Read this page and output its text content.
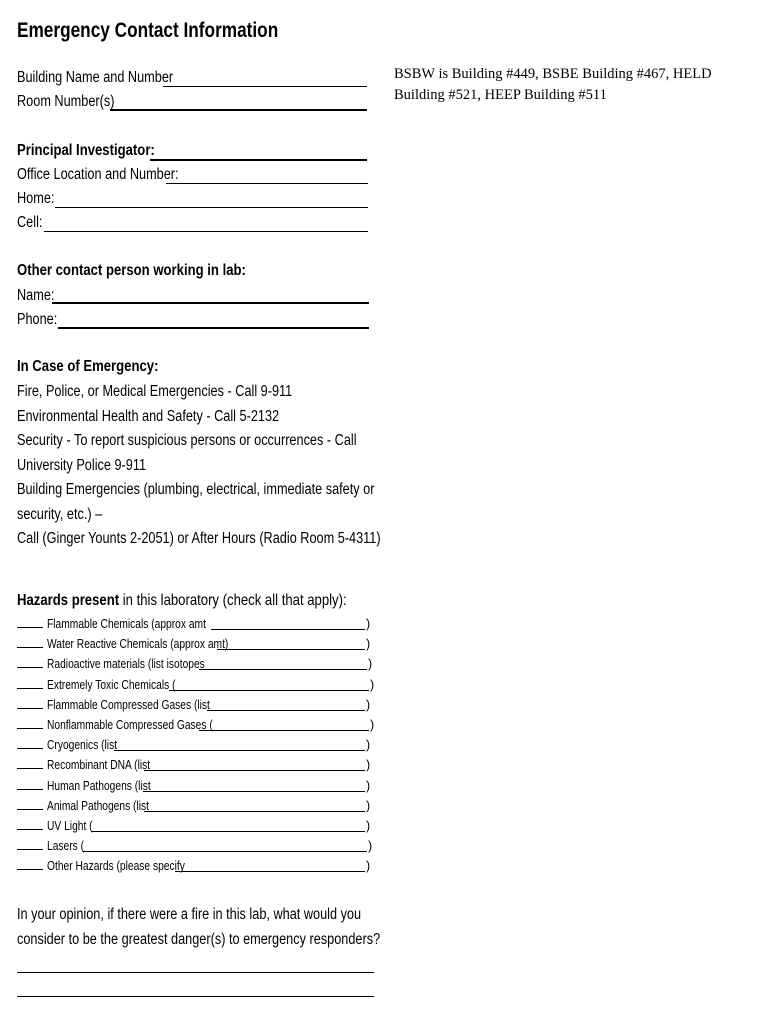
Emergency Contact Information
Building Name and Number
Room Number(s)
BSBW is Building #449, BSBE Building #467, HELD Building #521, HEEP Building #511
Principal Investigator:
Office Location and Number:
Home:
Cell:
Other contact person working in lab:
Name:
Phone:
In Case of Emergency:
Fire, Police, or Medical Emergencies - Call 9-911
Environmental Health and Safety - Call 5-2132
Security - To report suspicious persons or occurrences - Call
University Police 9-911
Building Emergencies (plumbing, electrical, immediate safety or
security, etc.) –
Call (Ginger Younts 2-2051) or After Hours (Radio Room 5-4311)
Hazards present in this laboratory (check all that apply):
Flammable Chemicals (approx amt	)
Water Reactive Chemicals (approx amt)	)
Radioactive materials (list isotopes	)
Extremely Toxic Chemicals (	)
Flammable Compressed Gases (list	)
Nonflammable Compressed Gases (	)
Cryogenics (list	)
Recombinant DNA (list	)
Human Pathogens (list	)
Animal Pathogens (list	)
UV Light (	)
Lasers (	)
Other Hazards (please specify	)
In your opinion, if there were a fire in this lab, what would you
consider to be the greatest danger(s) to emergency responders?
